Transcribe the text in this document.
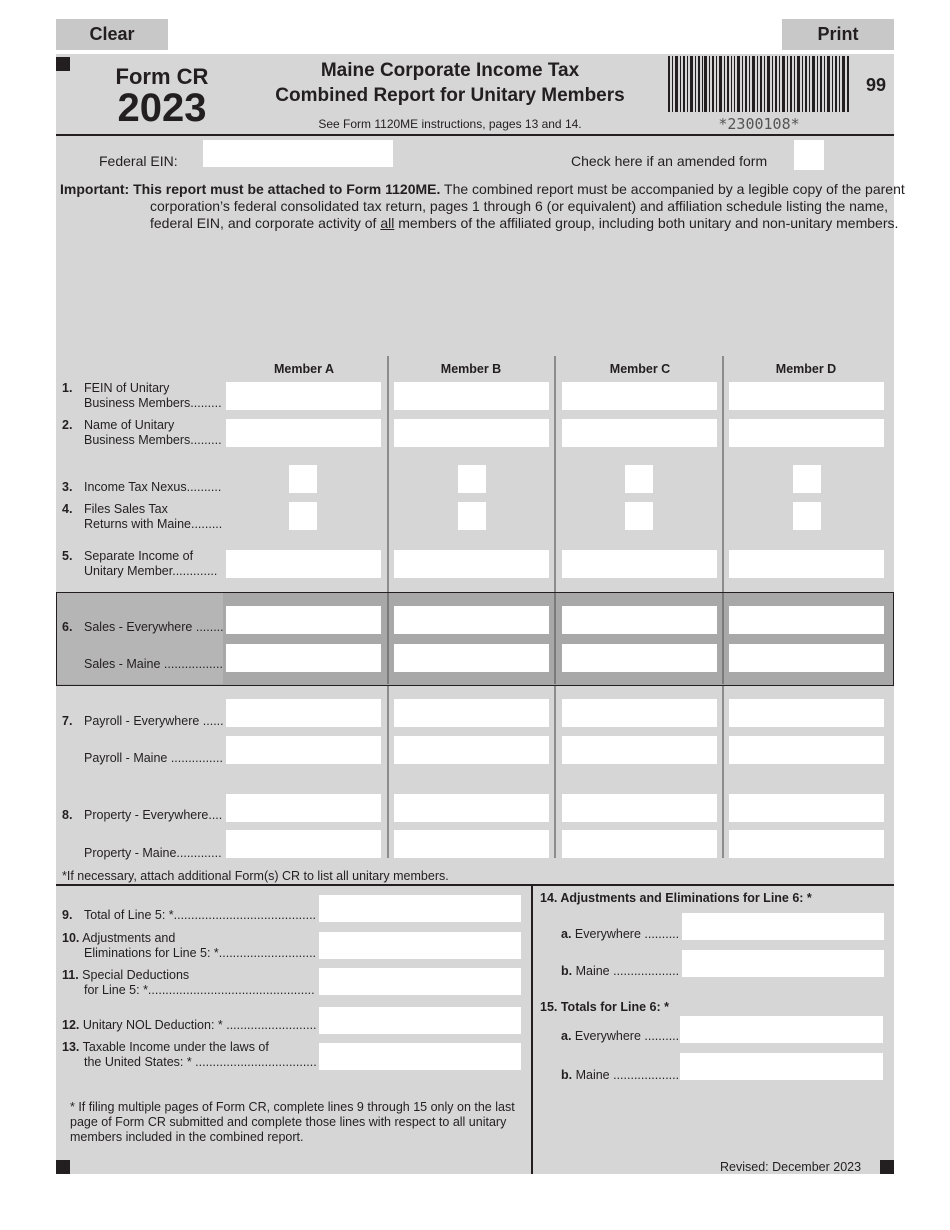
Clear	Print
Form CR
2023
Maine Corporate Income Tax
Combined Report for Unitary Members
See Form 1120ME instructions, pages 13 and 14.	*2300108*
99
Federal EIN:	Check here if an amended form
Important: This report must be attached to Form 1120ME. The combined report must be accompanied by a legible copy of the parent
corporation’s federal consolidated tax return, pages 1 through 6 (or equivalent) and affiliation schedule listing the name,
federal EIN, and corporate activity of all members of the affiliated group, including both unitary and non-unitary members.
Member A	Member B	Member C	Member D
1. FEIN of Unitary
Business Members.........
2. Name of Unitary
Business Members.........
3. Income Tax Nexus..........
4. Files Sales Tax
Returns with Maine.........
5. Separate Income of
Unitary Member.............
6. Sales - Everywhere ........
Sales - Maine .................
7. Payroll - Everywhere ......
Payroll - Maine ...............
8. Property - Everywhere....
Property - Maine.............
*If necessary, attach additional Form(s) CR to list all unitary members.
9. Total of Line 5: *.........................................
10. Adjustments and
Eliminations for Line 5: *............................
11. Special Deductions
for Line 5: *................................................
12. Unitary NOL Deduction: * ..........................
13. Taxable Income under the laws of
the United States: * ...................................
* If filing multiple pages of Form CR, complete lines 9 through 15 only on the last
page of Form CR submitted and complete those lines with respect to all unitary
members included in the combined report.
14. Adjustments and Eliminations for Line 6: *
a. Everywhere ..........
b. Maine ...................
15. Totals for Line 6: *
a. Everywhere ..........
b. Maine ...................
Revised: December 2023
